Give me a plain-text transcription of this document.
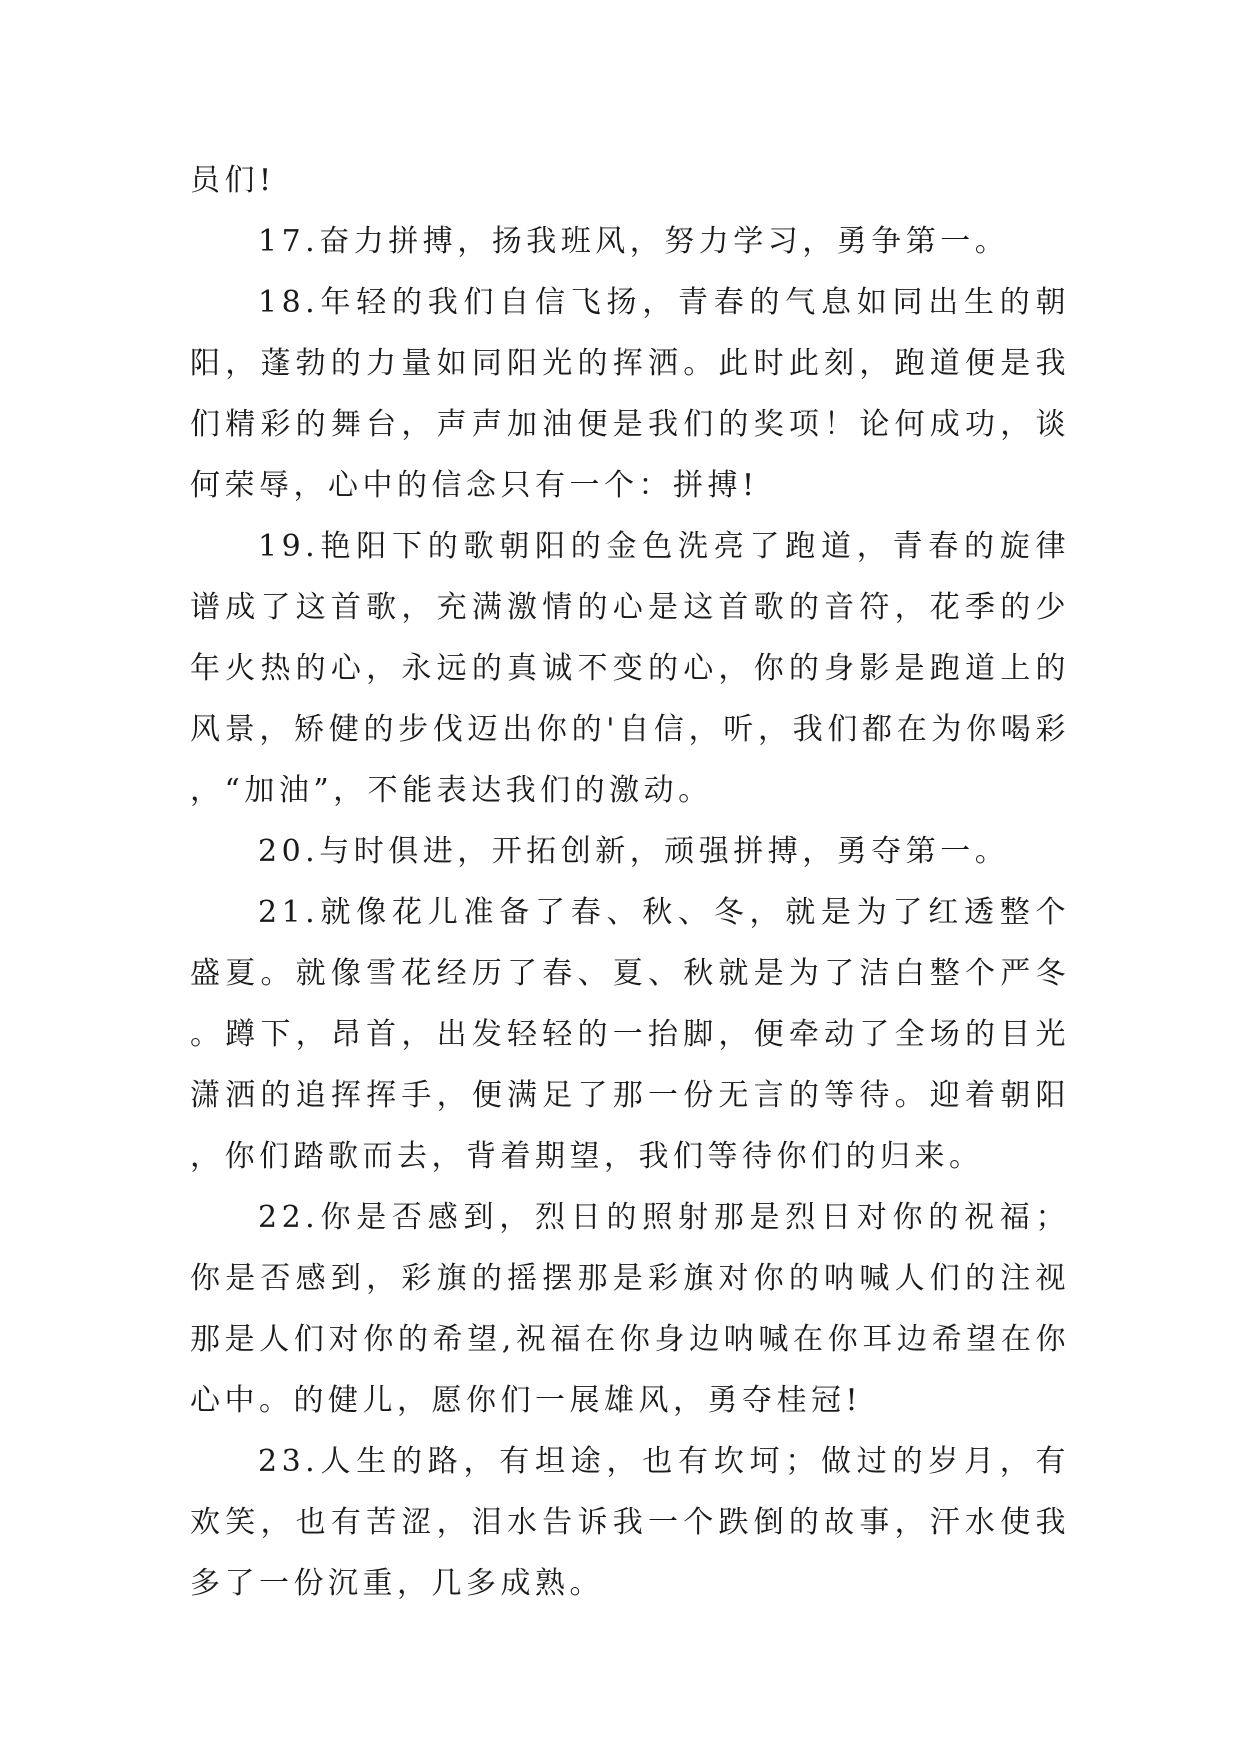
员们!

17.奋力拼搏，扬我班风，努力学习，勇争第一。

18.年轻的我们自信飞扬，青春的气息如同出生的朝阳，蓬勃的力量如同阳光的挥洒。此时此刻，跑道便是我们精彩的舞台，声声加油便是我们的奖项！论何成功，谈何荣辱，心中的信念只有一个：拼搏!

19.艳阳下的歌朝阳的金色洗亮了跑道，青春的旋律谱成了这首歌，充满激情的心是这首歌的音符，花季的少年火热的心，永远的真诚不变的心，你的身影是跑道上的风景，矫健的步伐迈出你的'自信，听，我们都在为你喝彩，“加油”，不能表达我们的激动。

20.与时俱进，开拓创新，顽强拼搏，勇夺第一。

21.就像花儿准备了春、秋、冬，就是为了红透整个盛夏。就像雪花经历了春、夏、秋就是为了洁白整个严冬。蹲下，昂首，出发轻轻的一抬脚，便牵动了全场的目光潇洒的追挥挥手，便满足了那一份无言的等待。迎着朝阳，你们踏歌而去，背着期望，我们等待你们的归来。

22.你是否感到，烈日的照射那是烈日对你的祝福；你是否感到，彩旗的摇摆那是彩旗对你的呐喊人们的注视那是人们对你的希望,祝福在你身边呐喊在你耳边希望在你心中。的健儿，愿你们一展雄风，勇夺桂冠!

23.人生的路，有坦途，也有坎坷；做过的岁月，有欢笑，也有苦涩，泪水告诉我一个跌倒的故事，汗水使我多了一份沉重，几多成熟。
